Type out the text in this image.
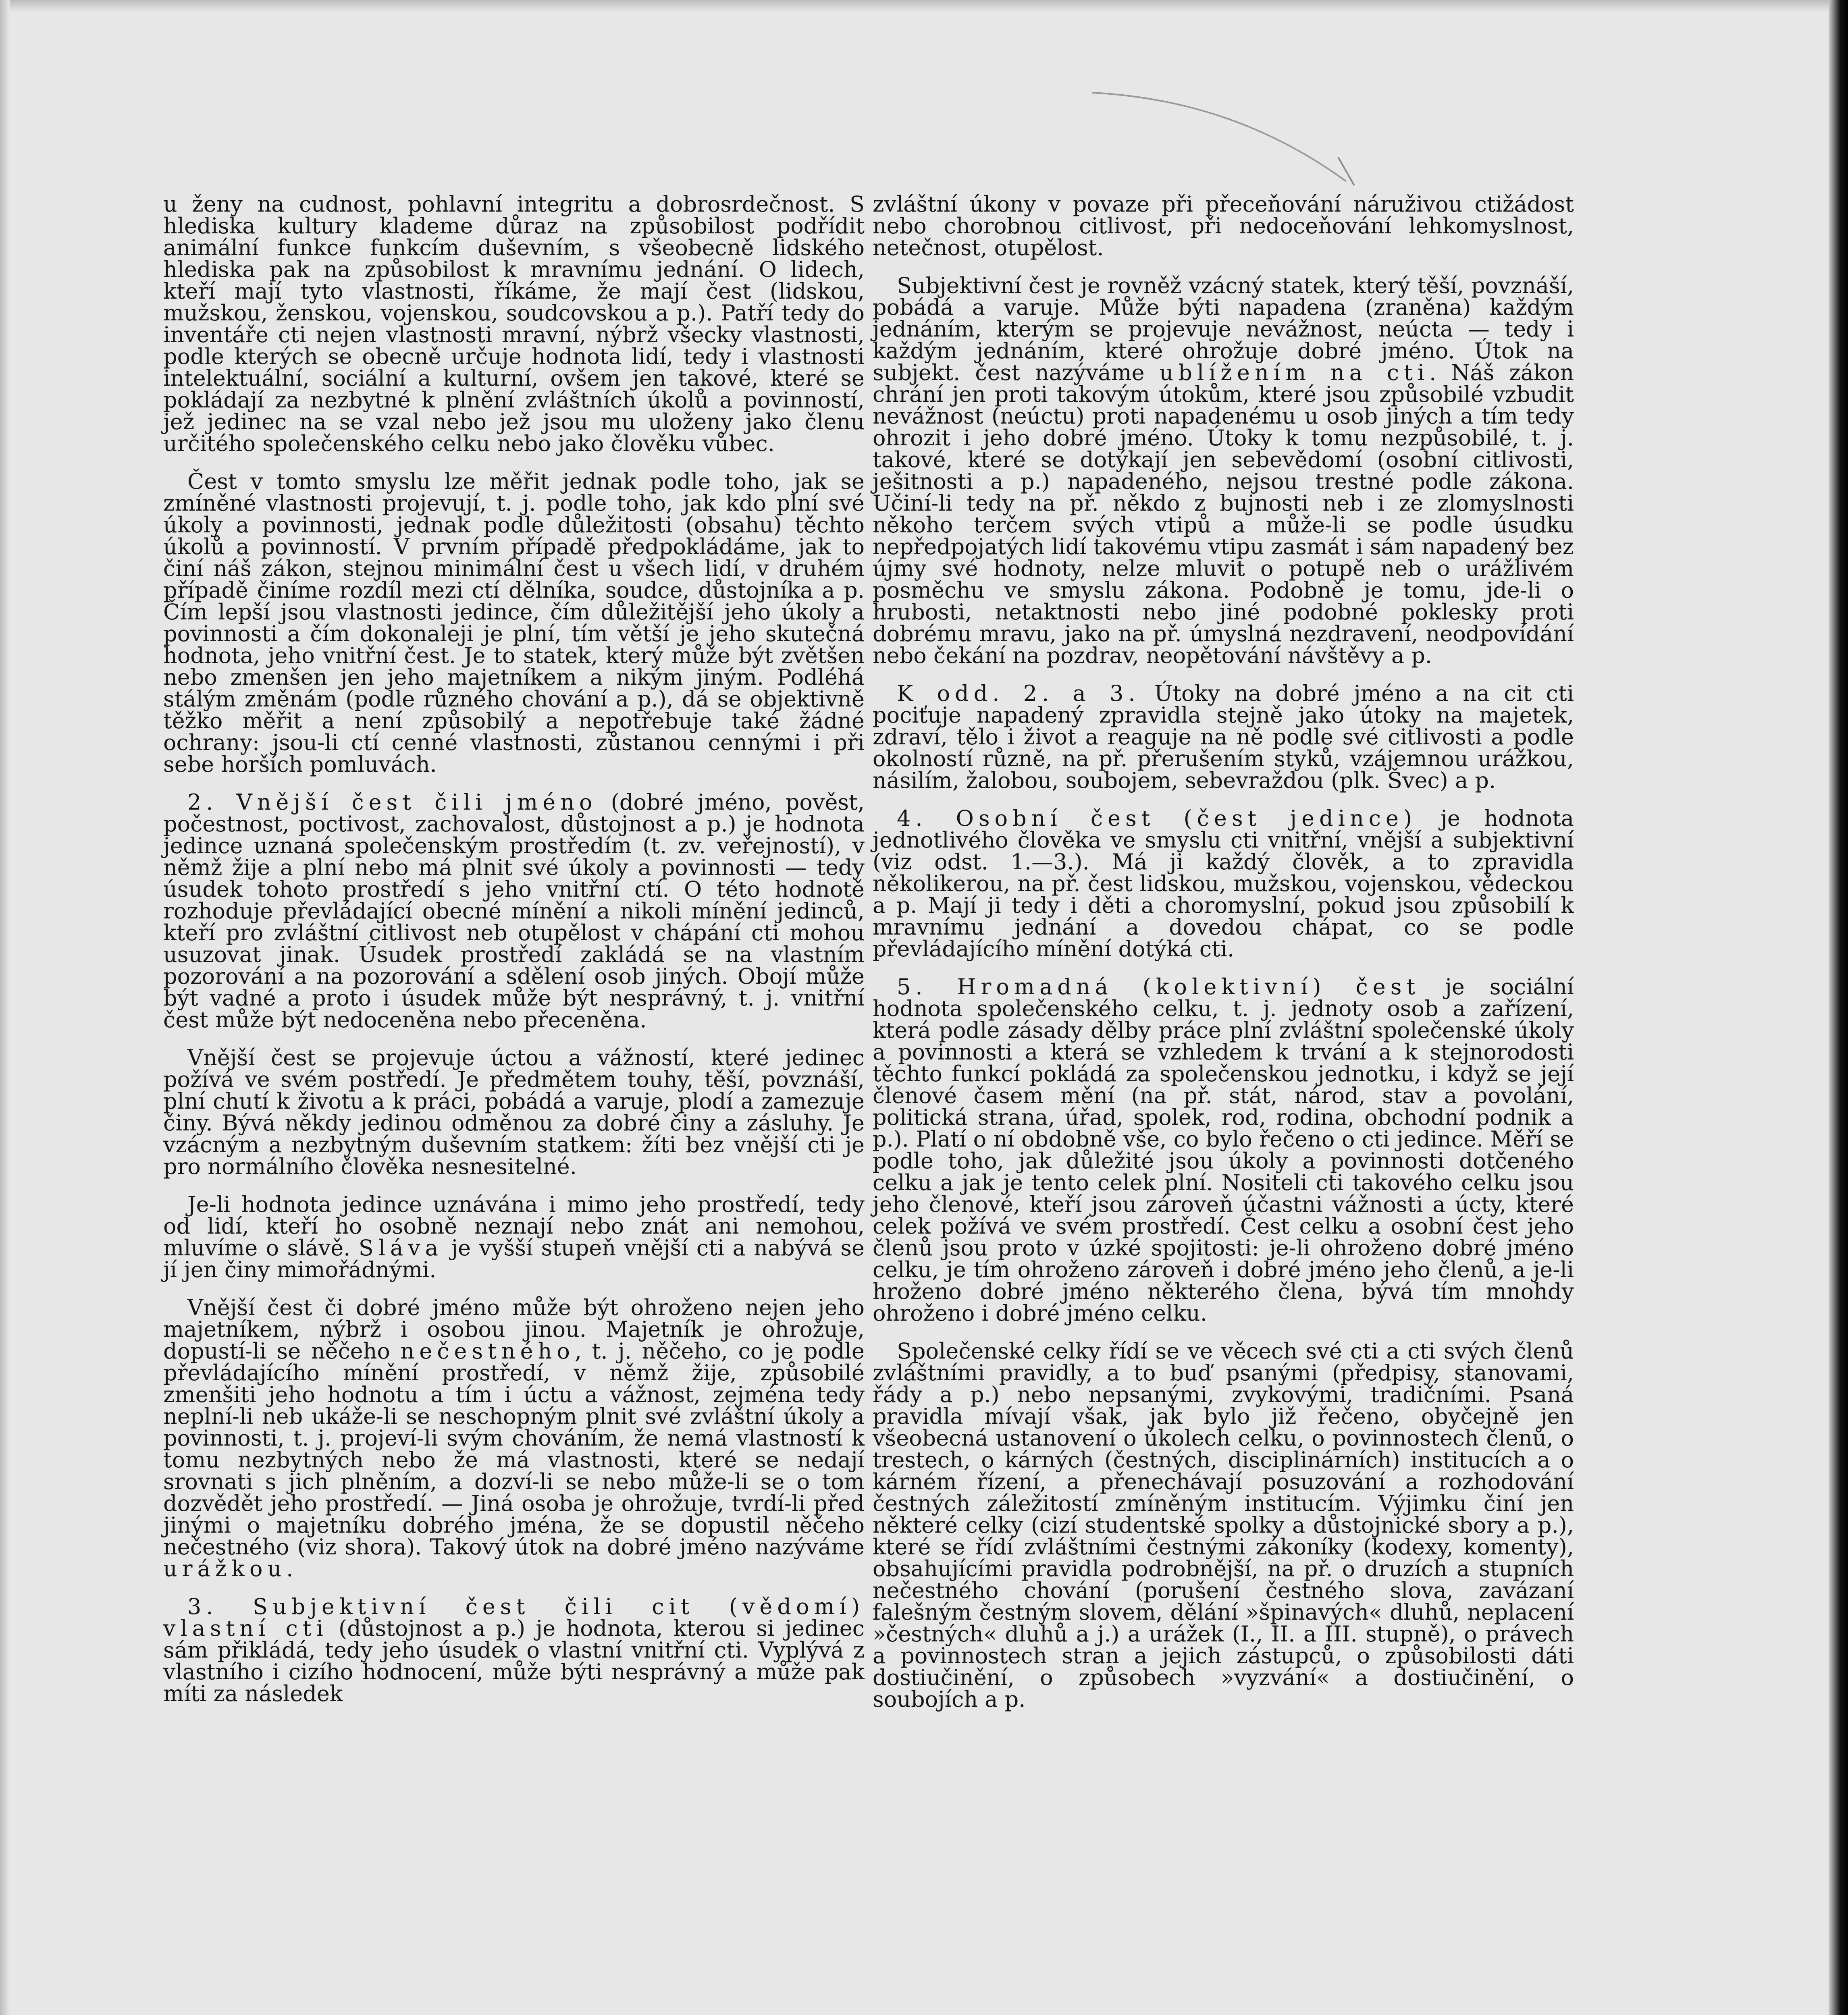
u ženy na cudnost, pohlavní integritu a dobrosrdečnost. S hlediska kultury klademe důraz na způsobilost podřídit animální funkce funkcím duševním, s všeobecně lidského hlediska pak na způsobilost k mravnímu jednání. O lidech, kteří mají tyto vlastnosti, říkáme, že mají čest (lidskou, mužskou, ženskou, vojenskou, soudcovskou a p.). Patří tedy do inventáře cti nejen vlastnosti mravní, nýbrž všecky vlastnosti, podle kterých se obecně určuje hodnota lidí, tedy i vlastnosti intelektuální, sociální a kulturní, ovšem jen takové, které se pokládají za nezbytné k plnění zvláštních úkolů a povinností, jež jedinec na se vzal nebo jež jsou mu uloženy jako členu určitého společenského celku nebo jako člověku vůbec.

Čest v tomto smyslu lze měřit jednak podle toho, jak se zmíněné vlastnosti projevují, t. j. podle toho, jak kdo plní své úkoly a povinnosti, jednak podle důležitosti (obsahu) těchto úkolů a povinností. V prvním případě předpokládáme, jak to činí náš zákon, stejnou minimální čest u všech lidí, v druhém případě činíme rozdíl mezi ctí dělníka, soudce, důstojníka a p. Čím lepší jsou vlastnosti jedince, čím důležitější jeho úkoly a povinnosti a čím dokonaleji je plní, tím větší je jeho skutečná hodnota, jeho vnitřní čest. Je to statek, který může být zvětšen nebo zmenšen jen jeho majetníkem a nikým jiným. Podléhá stálým změnám (podle různého chování a p.), dá se objektivně těžko měřit a není způsobilý a nepotřebuje také žádné ochrany: jsou-li ctí cenné vlastnosti, zůstanou cennými i při sebe horších pomluvách.

2. Vnější čest čili jméno (dobré jméno, pověst, počestnost, poctivost, zachovalost, důstojnost a p.) je hodnota jedince uznaná společenským prostředím (t. zv. veřejností), v němž žije a plní nebo má plnit své úkoly a povinnosti — tedy úsudek tohoto prostředí s jeho vnitřní ctí. O této hodnotě rozhoduje převládající obecné mínění a nikoli mínění jedinců, kteří pro zvláštní citlivost neb otupělost v chápání cti mohou usuzovat jinak. Úsudek prostředí zakládá se na vlastním pozorování a na pozorování a sdělení osob jiných. Obojí může být vadné a proto i úsudek může být nesprávný, t. j. vnitřní čest může být nedoceněna nebo přeceněna.

Vnější čest se projevuje úctou a vážností, které jedinec požívá ve svém postředí. Je předmětem touhy, těší, povznáší, plní chutí k životu a k práci, pobádá a varuje, plodí a zamezuje činy. Bývá někdy jedinou odměnou za dobré činy a zásluhy. Je vzácným a nezbytným duševním statkem: žíti bez vnější cti je pro normálního člověka nesnesitelné.

Je-li hodnota jedince uznávána i mimo jeho prostředí, tedy od lidí, kteří ho osobně neznají nebo znát ani nemohou, mluvíme o slávě. Sláva je vyšší stupeň vnější cti a nabývá se jí jen činy mimořádnými.

Vnější čest či dobré jméno může být ohroženo nejen jeho majetníkem, nýbrž i osobou jinou. Majetník je ohrožuje, dopustí-li se něčeho nečestného, t. j. něčeho, co je podle převládajícího mínění prostředí, v němž žije, způsobilé zmenšiti jeho hodnotu a tím i úctu a vážnost, zejména tedy neplní-li neb ukáže-li se neschopným plnit své zvláštní úkoly a povinnosti, t. j. projeví-li svým chováním, že nemá vlastností k tomu nezbytných nebo že má vlastnosti, které se nedají srovnati s jich plněním, a dozví-li se nebo může-li se o tom dozvědět jeho prostředí. — Jiná osoba je ohrožuje, tvrdí-li před jinými o majetníku dobrého jména, že se dopustil něčeho nečestného (viz shora). Takový útok na dobré jméno nazýváme urážkou.

3. Subjektivní čest čili cit (vědomí) vlastní cti (důstojnost a p.) je hodnota, kterou si jedinec sám přikládá, tedy jeho úsudek o vlastní vnitřní cti. Vyplývá z vlastního i cizího hodnocení, může býti nesprávný a může pak míti za následek

zvláštní úkony v povaze při přeceňování náruživou ctižádost nebo chorobnou citlivost, při nedoceňování lehkomyslnost, netečnost, otupělost.

Subjektivní čest je rovněž vzácný statek, který těší, povznáší, pobádá a varuje. Může býti napadena (zraněna) každým jednáním, kterým se projevuje nevážnost, neúcta — tedy i každým jednáním, které ohrožuje dobré jméno. Útok na subjekt. čest nazýváme ublížením na cti. Náš zákon chrání jen proti takovým útokům, které jsou způsobilé vzbudit nevážnost (neúctu) proti napadenému u osob jiných a tím tedy ohrozit i jeho dobré jméno. Útoky k tomu nezpůsobilé, t. j. takové, které se dotýkají jen sebevědomí (osobní citlivosti, ješitnosti a p.) napadeného, nejsou trestné podle zákona. Učiní-li tedy na př. někdo z bujnosti neb i ze zlomyslnosti někoho terčem svých vtipů a může-li se podle úsudku nepředpojatých lidí takovému vtipu zasmát i sám napadený bez újmy své hodnoty, nelze mluvit o potupě neb o urážlivém posměchu ve smyslu zákona. Podobně je tomu, jde-li o hrubosti, netaktnosti nebo jiné podobné poklesky proti dobrému mravu, jako na př. úmyslná nezdravení, neodpovídání nebo čekání na pozdrav, neopětování návštěvy a p.

K odd. 2. a 3. Útoky na dobré jméno a na cit cti pociťuje napadený zpravidla stejně jako útoky na majetek, zdraví, tělo i život a reaguje na ně podle své citlivosti a podle okolností různě, na př. přerušením styků, vzájemnou urážkou, násilím, žalobou, soubojem, sebevraždou (plk. Švec) a p.

4. Osobní čest (čest jedince) je hodnota jednotlivého člověka ve smyslu cti vnitřní, vnější a subjektivní (viz odst. 1.—3.). Má ji každý člověk, a to zpravidla několikerou, na př. čest lidskou, mužskou, vojenskou, vědeckou a p. Mají ji tedy i děti a choromyslní, pokud jsou způsobilí k mravnímu jednání a dovedou chápat, co se podle převládajícího mínění dotýká cti.

5. Hromadná (kolektivní) čest je sociální hodnota společenského celku, t. j. jednoty osob a zařízení, která podle zásady dělby práce plní zvláštní společenské úkoly a povinnosti a která se vzhledem k trvání a k stejnorodosti těchto funkcí pokládá za společenskou jednotku, i když se její členové časem mění (na př. stát, národ, stav a povolání, politická strana, úřad, spolek, rod, rodina, obchodní podnik a p.). Platí o ní obdobně vše, co bylo řečeno o cti jedince. Měří se podle toho, jak důležité jsou úkoly a povinnosti dotčeného celku a jak je tento celek plní. Nositeli cti takového celku jsou jeho členové, kteří jsou zároveň účastni vážnosti a úcty, které celek požívá ve svém prostředí. Čest celku a osobní čest jeho členů jsou proto v úzké spojitosti: je-li ohroženo dobré jméno celku, je tím ohroženo zároveň i dobré jméno jeho členů, a je-li hroženo dobré jméno některého člena, bývá tím mnohdy ohroženo i dobré jméno celku.

Společenské celky řídí se ve věcech své cti a cti svých členů zvláštními pravidly, a to buď psanými (předpisy, stanovami, řády a p.) nebo nepsanými, zvykovými, tradičními. Psaná pravidla mívají však, jak bylo již řečeno, obyčejně jen všeobecná ustanovení o úkolech celku, o povinnostech členů, o trestech, o kárných (čestných, disciplinárních) institucích a o kárném řízení, a přenechávají posuzování a rozhodování čestných záležitostí zmíněným institucím. Výjimku činí jen některé celky (cizí studentské spolky a důstojnické sbory a p.), které se řídí zvláštními čestnými zákoníky (kodexy, komenty), obsahujícími pravidla podrobnější, na př. o druzích a stupních nečestného chování (porušení čestného slova, zavázaní falešným čestným slovem, dělání »špinavých« dluhů, neplacení »čestných« dluhů a j.) a urážek (I., II. a III. stupně), o právech a povinnostech stran a jejich zástupců, o způsobilosti dáti dostiučinění, o způsobech »vyzvání« a dostiučinění, o soubojích a p.
